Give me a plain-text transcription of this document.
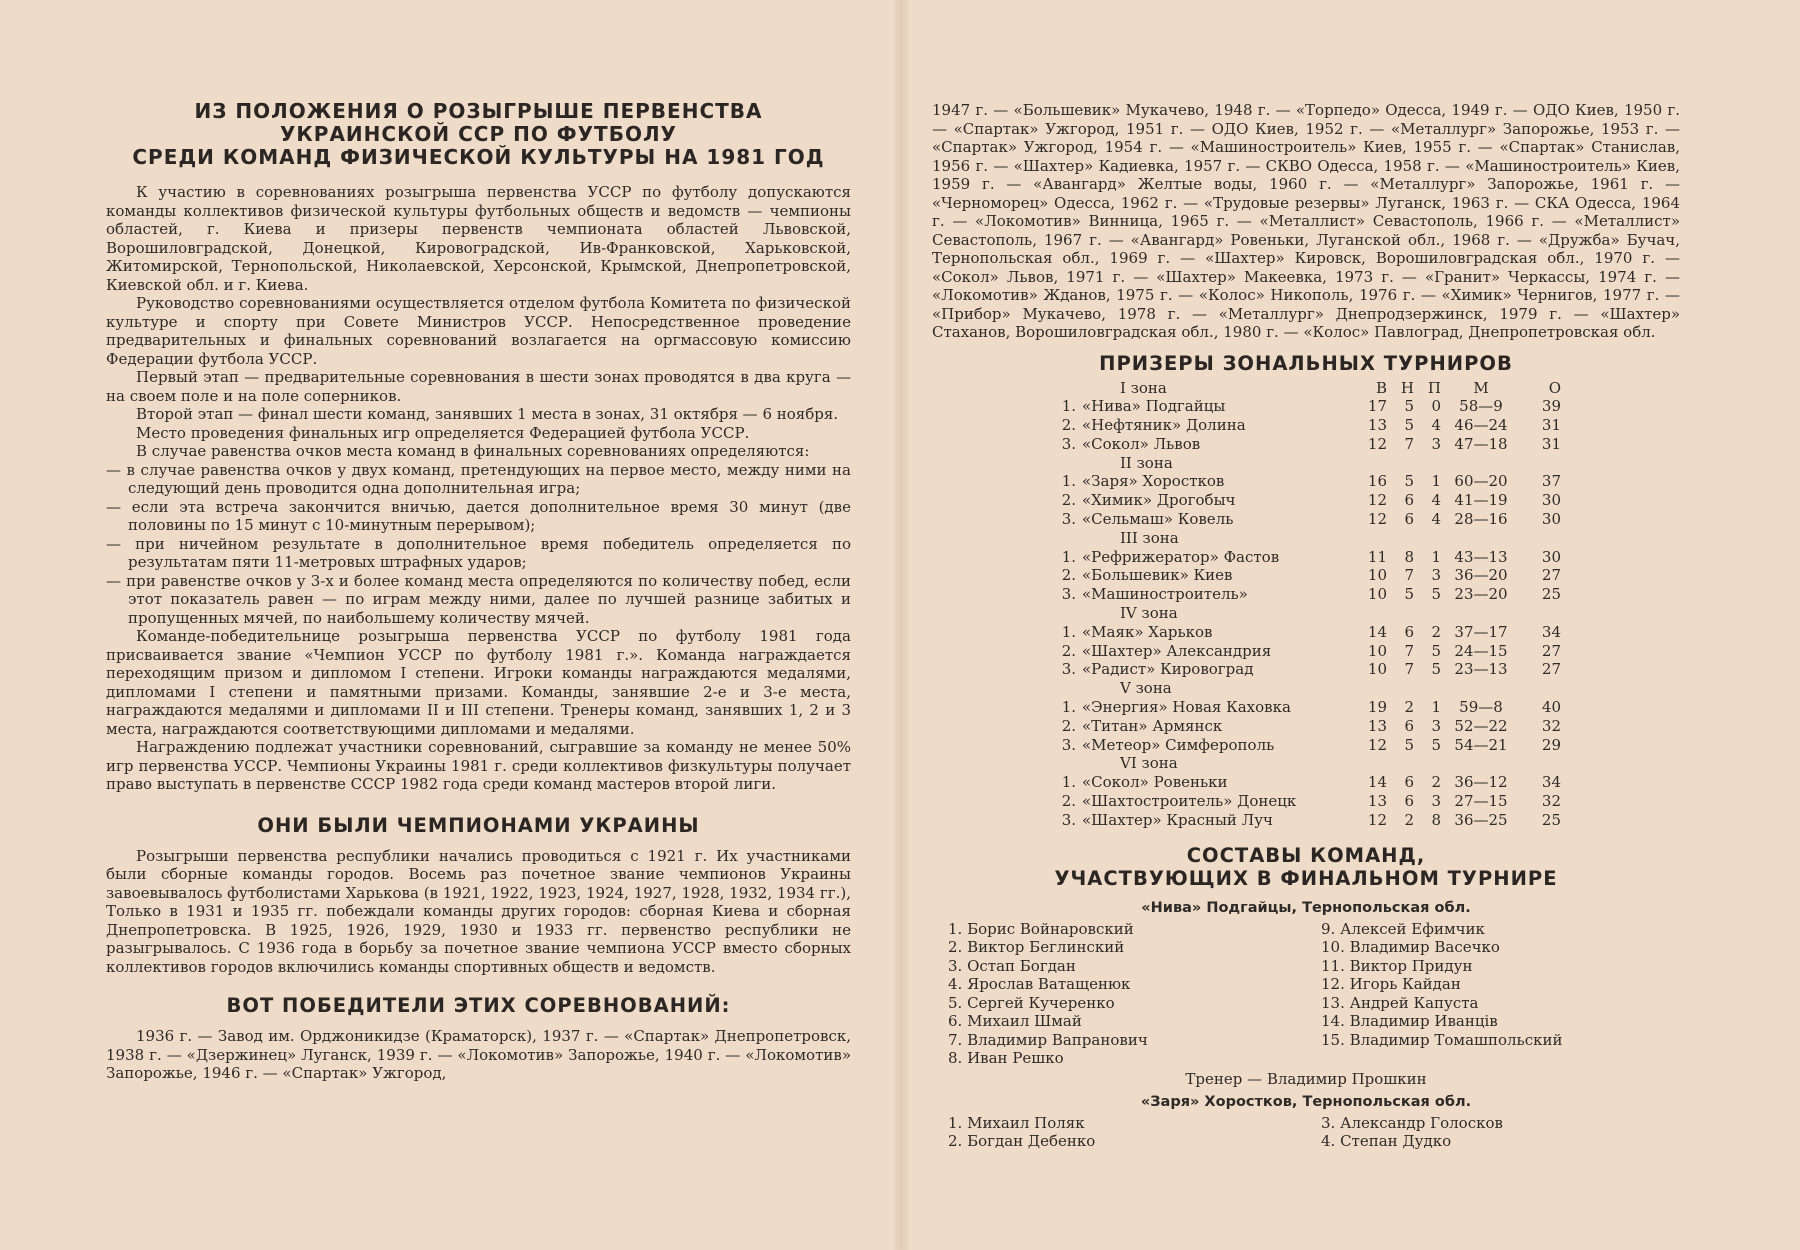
ИЗ ПОЛОЖЕНИЯ О РОЗЫГРЫШЕ ПЕРВЕНСТВА
УКРАИНСКОЙ ССР ПО ФУТБОЛУ
СРЕДИ КОМАНД ФИЗИЧЕСКОЙ КУЛЬТУРЫ НА 1981 ГОД

К участию в соревнованиях розыгрыша первенства УССР по футболу допускаются команды коллективов физической культуры футбольных обществ и ведомств — чемпионы областей, г. Киева и призеры первенств чемпионата областей Львовской, Ворошиловградской, Донецкой, Кировоградской, Ив-Франковской, Харьковской, Житомирской, Тернопольской, Николаевской, Херсонской, Крымской, Днепропетровской, Киевской обл. и г. Киева.

Руководство соревнованиями осуществляется отделом футбола Комитета по физической культуре и спорту при Совете Министров УССР. Непосредственное проведение предварительных и финальных соревнований возлагается на оргмассовую комиссию Федерации футбола УССР.

Первый этап — предварительные соревнования в шести зонах проводятся в два круга — на своем поле и на поле соперников.

Второй этап — финал шести команд, занявших 1 места в зонах, 31 октября — 6 ноября.

Место проведения финальных игр определяется Федерацией футбола УССР.

В случае равенства очков места команд в финальных соревнованиях определяются:

— в случае равенства очков у двух команд, претендующих на первое место, между ними на следующий день проводится одна дополнительная игра;

— если эта встреча закончится вничью, дается дополнительное время 30 минут (две половины по 15 минут с 10-минутным перерывом);

— при ничейном результате в дополнительное время победитель определяется по результатам пяти 11-метровых штрафных ударов;

— при равенстве очков у 3-х и более команд места определяются по количеству побед, если этот показатель равен — по играм между ними, далее по лучшей разнице забитых и пропущенных мячей, по наибольшему количеству мячей.

Команде-победительнице розыгрыша первенства УССР по футболу 1981 года присваивается звание «Чемпион УССР по футболу 1981 г.». Команда награждается переходящим призом и дипломом I степени. Игроки команды награждаются медалями, дипломами I степени и памятными призами. Команды, занявшие 2-е и 3-е места, награждаются медалями и дипломами II и III степени. Тренеры команд, занявших 1, 2 и 3 места, награждаются соответствующими дипломами и медалями.

Награждению подлежат участники соревнований, сыгравшие за команду не менее 50% игр первенства УССР. Чемпионы Украины 1981 г. среди коллективов физкультуры получает право выступать в первенстве СССР 1982 года среди команд мастеров второй лиги.

ОНИ БЫЛИ ЧЕМПИОНАМИ УКРАИНЫ

Розыгрыши первенства республики начались проводиться с 1921 г. Их участниками были сборные команды городов. Восемь раз почетное звание чемпионов Украины завоевывалось футболистами Харькова (в 1921, 1922, 1923, 1924, 1927, 1928, 1932, 1934 гг.), Только в 1931 и 1935 гг. побеждали команды других городов: сборная Киева и сборная Днепропетровска. В 1925, 1926, 1929, 1930 и 1933 гг. первенство республики не разыгрывалось. С 1936 года в борьбу за почетное звание чемпиона УССР вместо сборных коллективов городов включились команды спортивных обществ и ведомств.

ВОТ ПОБЕДИТЕЛИ ЭТИХ СОРЕВНОВАНИЙ:

1936 г. — Завод им. Орджоникидзе (Краматорск), 1937 г. — «Спартак» Днепропетровск, 1938 г. — «Дзержинец» Луганск, 1939 г. — «Локомотив» Запорожье, 1940 г. — «Локомотив» Запорожье, 1946 г. — «Спартак» Ужгород,

1947 г. — «Большевик» Мукачево, 1948 г. — «Торпедо» Одесса, 1949 г. — ОДО Киев, 1950 г. — «Спартак» Ужгород, 1951 г. — ОДО Киев, 1952 г. — «Металлург» Запорожье, 1953 г. — «Спартак» Ужгород, 1954 г. — «Машиностроитель» Киев, 1955 г. — «Спартак» Станислав, 1956 г. — «Шахтер» Кадиевка, 1957 г. — СКВО Одесса, 1958 г. — «Машиностроитель» Киев, 1959 г. — «Авангард» Желтые воды, 1960 г. — «Металлург» Запорожье, 1961 г. — «Черноморец» Одесса, 1962 г. — «Трудовые резервы» Луганск, 1963 г. — СКА Одесса, 1964 г. — «Локомотив» Винница, 1965 г. — «Металлист» Севастополь, 1966 г. — «Металлист» Севастополь, 1967 г. — «Авангард» Ровеньки, Луганской обл., 1968 г. — «Дружба» Бучач, Тернопольская обл., 1969 г. — «Шахтер» Кировск, Ворошиловградская обл., 1970 г. — «Сокол» Львов, 1971 г. — «Шахтер» Макеевка, 1973 г. — «Гранит» Черкассы, 1974 г. — «Локомотив» Жданов, 1975 г. — «Колос» Никополь, 1976 г. — «Химик» Чернигов, 1977 г. — «Прибор» Мукачево, 1978 г. — «Металлург» Днепродзержинск, 1979 г. — «Шахтер» Стаханов, Ворошиловградская обл., 1980 г. — «Колос» Павлоград, Днепропетровская обл.

ПРИЗЕРЫ ЗОНАЛЬНЫХ ТУРНИРОВ
I зона		В	Н	П	М	О
1.	«Нива» Подгайцы	17	5	0	58—9	39
2.	«Нефтяник» Долина	13	5	4	46—24	31
3.	«Сокол» Львов	12	7	3	47—18	31
II зона						
1.	«Заря» Хоростков	16	5	1	60—20	37
2.	«Химик» Дрогобыч	12	6	4	41—19	30
3.	«Сельмаш» Ковель	12	6	4	28—16	30
III зона						
1.	«Рефрижератор» Фастов	11	8	1	43—13	30
2.	«Большевик» Киев	10	7	3	36—20	27
3.	«Машиностроитель»	10	5	5	23—20	25
IV зона						
1.	«Маяк» Харьков	14	6	2	37—17	34
2.	«Шахтер» Александрия	10	7	5	24—15	27
3.	«Радист» Кировоград	10	7	5	23—13	27
V зона						
1.	«Энергия» Новая Каховка	19	2	1	59—8	40
2.	«Титан» Армянск	13	6	3	52—22	32
3.	«Метеор» Симферополь	12	5	5	54—21	29
VI зона						
1.	«Сокол» Ровеньки	14	6	2	36—12	34
2.	«Шахтостроитель» Донецк	13	6	3	27—15	32
3.	«Шахтер» Красный Луч	12	2	8	36—25	25
СОСТАВЫ КОМАНД,
УЧАСТВУЮЩИХ В ФИНАЛЬНОМ ТУРНИРЕ
«Нива» Подгайцы, Тернопольская обл.
1. Борис Войнаровский
2. Виктор Беглинский
3. Остап Богдан
4. Ярослав Ватащенюк
5. Сергей Кучеренко
6. Михаил Шмай
7. Владимир Вапранович
8. Иван Решко
9. Алексей Ефимчик
10. Владимир Васечко
11. Виктор Придун
12. Игорь Кайдан
13. Андрей Капуста
14. Владимир Иванців
15. Владимир Томашпольский
Тренер — Владимир Прошкин
«Заря» Хоростков, Тернопольская обл.
1. Михаил Поляк
2. Богдан Дебенко
3. Александр Голоcков
4. Степан Дудко
